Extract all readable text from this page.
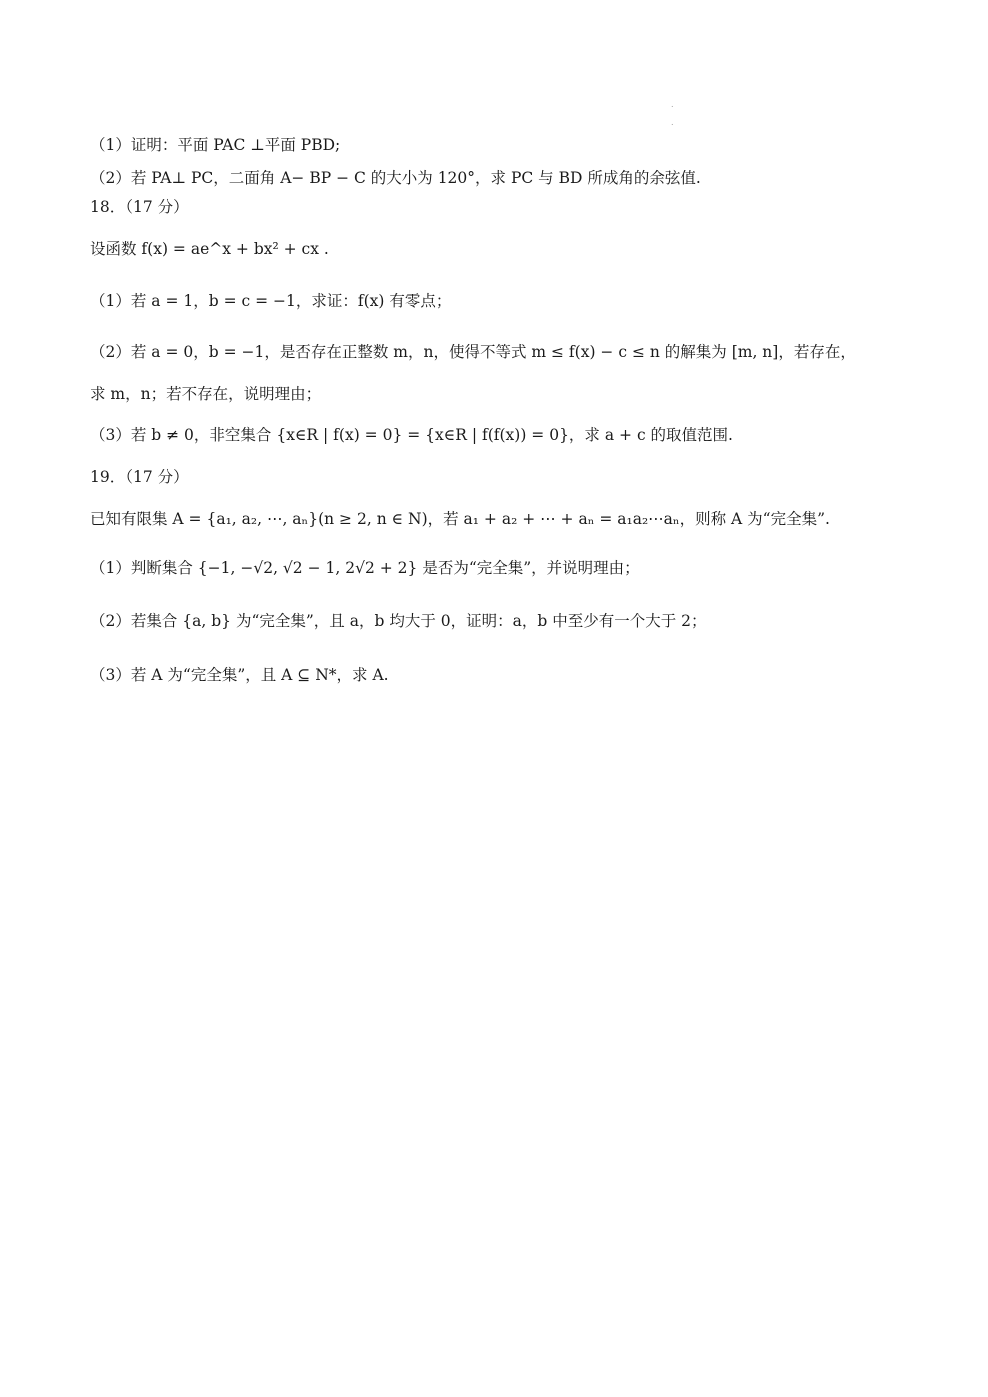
.
.
（1）证明：平面 PAC ⊥平面 PBD;
（2）若 PA⊥ PC，二面角 A− BP − C 的大小为 120°，求 PC 与 BD 所成角的余弦值.
18．（17 分）
设函数 f(x) = ae^x + bx² + cx .
（1）若 a = 1，b = c = −1，求证：f(x) 有零点；
（2）若 a = 0，b = −1，是否存在正整数 m，n，使得不等式 m ≤ f(x) − c ≤ n 的解集为 [m, n]，若存在，
求 m，n；若不存在，说明理由；
（3）若 b ≠ 0，非空集合 {x∈R | f(x) = 0} = {x∈R | f(f(x)) = 0}，求 a + c 的取值范围.
19．（17 分）
已知有限集 A = {a₁, a₂, ⋯, aₙ}(n ≥ 2, n ∈ N)，若 a₁ + a₂ + ⋯ + aₙ = a₁a₂⋯aₙ，则称 A 为“完全集”.
（1）判断集合 {−1, −√2, √2 − 1, 2√2 + 2} 是否为“完全集”，并说明理由；
（2）若集合 {a, b} 为“完全集”，且 a，b 均大于 0，证明：a，b 中至少有一个大于 2；
（3）若 A 为“完全集”，且 A ⊆ N*，求 A.
